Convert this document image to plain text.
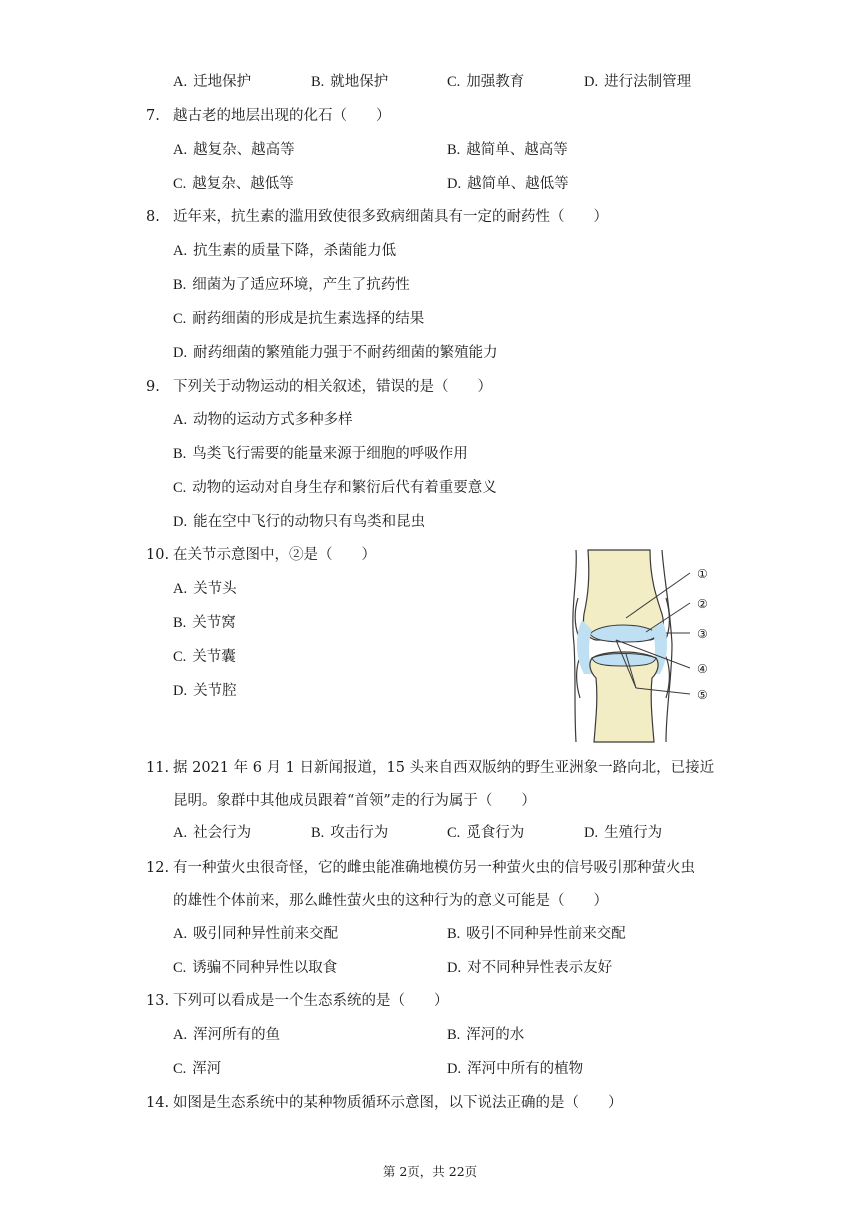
A. 迁地保护	B. 就地保护	C. 加强教育	D. 进行法制管理
7. 越古老的地层出现的化石（　　）
A. 越复杂、越高等	B. 越简单、越高等
C. 越复杂、越低等	D. 越简单、越低等
8. 近年来，抗生素的滥用致使很多致病细菌具有一定的耐药性（　　）
A. 抗生素的质量下降，杀菌能力低
B. 细菌为了适应环境，产生了抗药性
C. 耐药细菌的形成是抗生素选择的结果
D. 耐药细菌的繁殖能力强于不耐药细菌的繁殖能力
9. 下列关于动物运动的相关叙述，错误的是（　　）
A. 动物的运动方式多种多样
B. 鸟类飞行需要的能量来源于细胞的呼吸作用
C. 动物的运动对自身生存和繁衍后代有着重要意义
D. 能在空中飞行的动物只有鸟类和昆虫
10. 在关节示意图中，②是（　　）
A. 关节头
B. 关节窝
C. 关节囊
D. 关节腔
①
②
③
④
⑤
11. 据 2021 年 6 月 1 日新闻报道，15 头来自西双版纳的野生亚洲象一路向北，已接近
昆明。象群中其他成员跟着“首领”走的行为属于（　　）
A. 社会行为	B. 攻击行为	C. 觅食行为	D. 生殖行为
12. 有一种萤火虫很奇怪，它的雌虫能准确地模仿另一种萤火虫的信号吸引那种萤火虫
的雄性个体前来，那么雌性萤火虫的这种行为的意义可能是（　　）
A. 吸引同种异性前来交配	B. 吸引不同种异性前来交配
C. 诱骗不同种异性以取食	D. 对不同种异性表示友好
13. 下列可以看成是一个生态系统的是（　　）
A. 浑河所有的鱼	B. 浑河的水
C. 浑河	D. 浑河中所有的植物
14. 如图是生态系统中的某种物质循环示意图，以下说法正确的是（　　）
第 2页，共 22页
